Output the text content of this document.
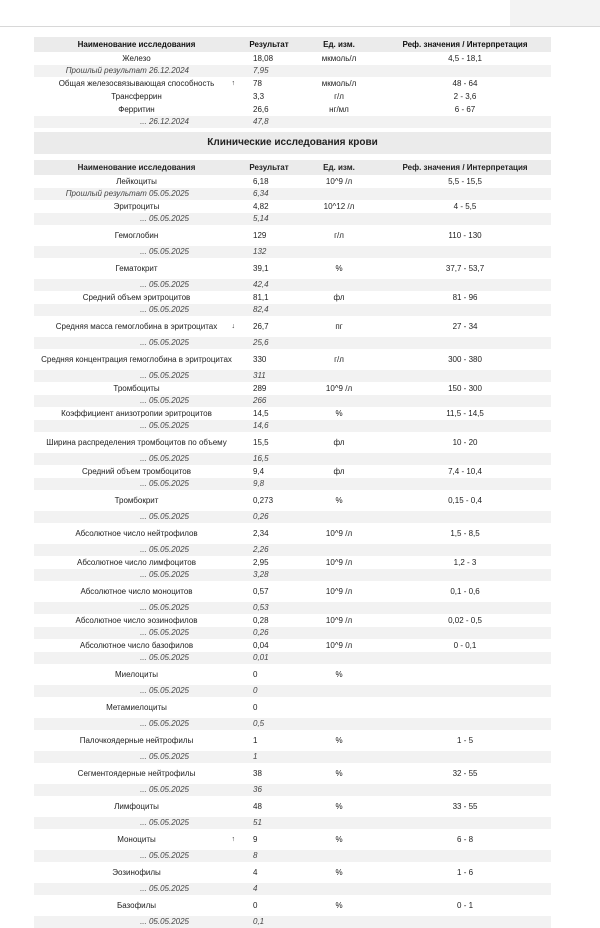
Наименование исследования	Результат	Ед. изм.	Реф. значения / Интерпретация
Железо	18,08	мкмоль/л	4,5 - 18,1
Прошлый результат 26.12.2024	7,95		
Общая железосвязывающая способность ↑	78	мкмоль/л	48 - 64
Трансферрин	3,3	г/л	2 - 3,6
Ферритин	26,6	нг/мл	6 - 67
... 26.12.2024	47,8		
Клинические исследования крови			

Наименование исследования	Результат	Ед. изм.	Реф. значения / Интерпретация
Лейкоциты	6,18	10^9 /л	5,5 - 15,5
Прошлый результат 05.05.2025	6,34		
Эритроциты	4,82	10^12 /л	4 - 5,5
... 05.05.2025	5,14		
Гемоглобин	129	г/л	110 - 130
... 05.05.2025	132		
Гематокрит	39,1	%	37,7 - 53,7
... 05.05.2025	42,4		
Средний объем эритроцитов	81,1	фл	81 - 96
... 05.05.2025	82,4		
Средняя масса гемоглобина в эритроцитах ↓	26,7	пг	27 - 34
... 05.05.2025	25,6		
Средняя концентрация гемоглобина в эритроцитах	330	г/л	300 - 380
... 05.05.2025	311		
Тромбоциты	289	10^9 /л	150 - 300
... 05.05.2025	266		
Коэффициент анизотропии эритроцитов	14,5	%	11,5 - 14,5
... 05.05.2025	14,6		
Ширина распределения тромбоцитов по объему	15,5	фл	10 - 20
... 05.05.2025	16,5		
Средний объем тромбоцитов	9,4	фл	7,4 - 10,4
... 05.05.2025	9,8		
Тромбокрит	0,273	%	0,15 - 0,4
... 05.05.2025	0,26		
Абсолютное число нейтрофилов	2,34	10^9 /л	1,5 - 8,5
... 05.05.2025	2,26		
Абсолютное число лимфоцитов	2,95	10^9 /л	1,2 - 3
... 05.05.2025	3,28		
Абсолютное число моноцитов	0,57	10^9 /л	0,1 - 0,6
... 05.05.2025	0,53		
Абсолютное число эозинофилов	0,28	10^9 /л	0,02 - 0,5
... 05.05.2025	0,26		
Абсолютное число базофилов	0,04	10^9 /л	0 - 0,1
... 05.05.2025	0,01		
Миелоциты	0	%	
... 05.05.2025	0		
Метамиелоциты	0		
... 05.05.2025	0,5		
Палочкоядерные нейтрофилы	1	%	1 - 5
... 05.05.2025	1		
Сегментоядерные нейтрофилы	38	%	32 - 55
... 05.05.2025	36		
Лимфоциты	48	%	33 - 55
... 05.05.2025	51		
Моноциты ↑	9	%	6 - 8
... 05.05.2025	8		
Эозинофилы	4	%	1 - 6
... 05.05.2025	4		
Базофилы	0	%	0 - 1
... 05.05.2025	0,1		
